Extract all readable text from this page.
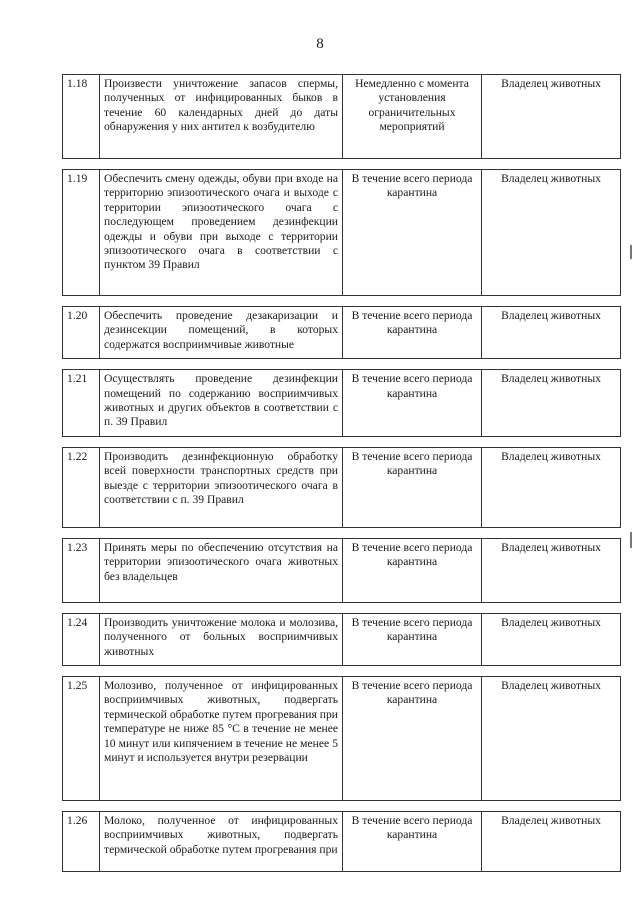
8
1.18	Произвести уничтожение запасов спермы, полученных от инфицированных быков в течение 60 календарных дней до даты обнаружения у них антител к возбудителю	Немедленно с момента установления ограничительных мероприятий	Владелец животных

1.19	Обеспечить смену одежды, обуви при входе на территорию эпизоотического очага и выходе с территории эпизоотического очага с последующем проведением дезинфекции одежды и обуви при выходе с территории эпизоотического очага в соответствии с пунктом 39 Правил	В течение всего периода карантина	Владелец животных

1.20	Обеспечить проведение дезакаризации и дезинсекции помещений, в которых содержатся восприимчивые животные	В течение всего периода карантина	Владелец животных

1.21	Осуществлять проведение дезинфекции помещений по содержанию восприимчивых животных и других объектов в соответствии с п. 39 Правил	В течение всего периода карантина	Владелец животных

1.22	Производить дезинфекционную обработку всей поверхности транспортных средств при выезде с территории эпизоотического очага в соответствии с п. 39 Правил	В течение всего периода карантина	Владелец животных

1.23	Принять меры по обеспечению отсутствия на территории эпизоотического очага животных без владельцев	В течение всего периода карантина	Владелец животных

1.24	Производить уничтожение молока и молозива, полученного от больных восприимчивых животных	В течение всего периода карантина	Владелец животных

1.25	Молозиво, полученное от инфицированных восприимчивых животных, подвергать термической обработке путем прогревания при температуре не ниже 85 °С в течение не менее 10 минут или кипячением в течение не менее 5 минут и используется внутри резервации	В течение всего периода карантина	Владелец животных

1.26	Молоко, полученное от инфицированных восприимчивых животных, подвергать термической обработке путем прогревания при	В течение всего периода карантина	Владелец животных
